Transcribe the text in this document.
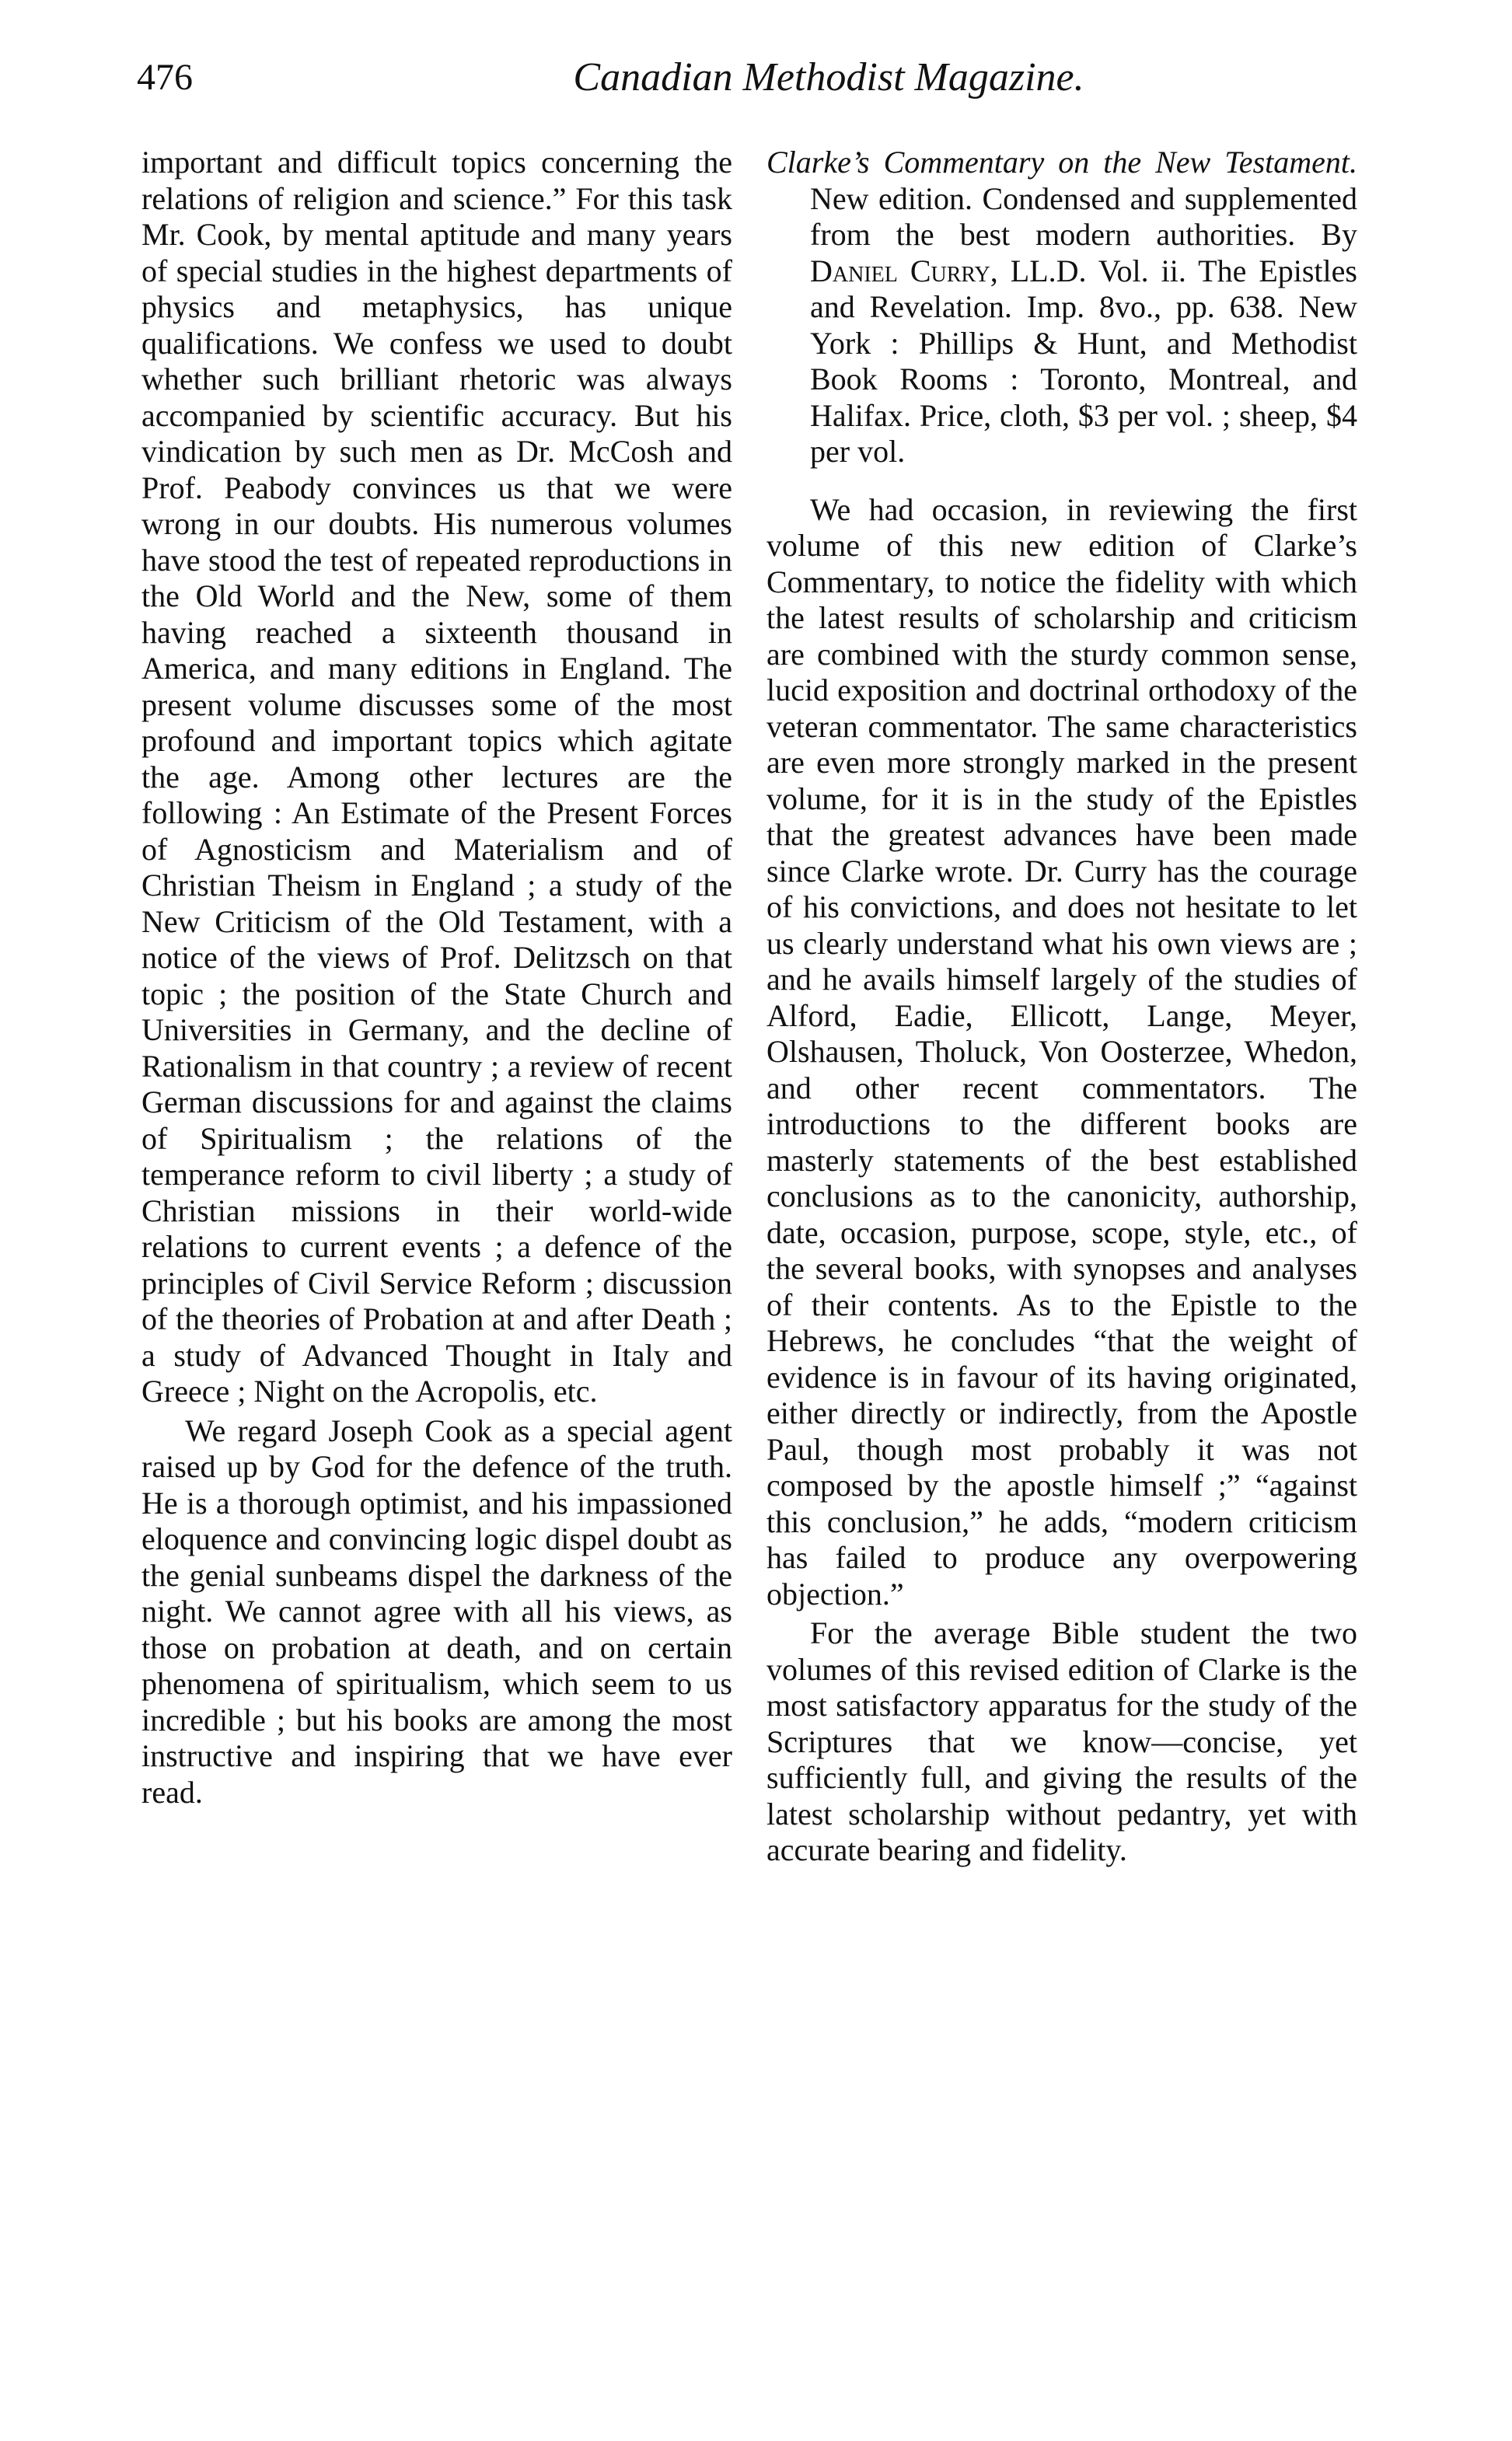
476	Canadian Methodist Magazine.

important and difficult topics concerning the relations of religion and science.” For this task Mr. Cook, by mental aptitude and many years of special studies in the highest departments of physics and metaphysics, has unique qualifications. We confess we used to doubt whether such brilliant rhetoric was always accompanied by scientific accuracy. But his vindication by such men as Dr. McCosh and Prof. Peabody convinces us that we were wrong in our doubts. His numerous volumes have stood the test of repeated reproductions in the Old World and the New, some of them having reached a sixteenth thousand in America, and many editions in England. The present volume discusses some of the most profound and important topics which agitate the age. Among other lectures are the following : An Estimate of the Present Forces of Agnosticism and Materialism and of Christian Theism in England ; a study of the New Criticism of the Old Testament, with a notice of the views of Prof. Delitzsch on that topic ; the position of the State Church and Universities in Germany, and the decline of Rationalism in that country ; a review of recent German discussions for and against the claims of Spiritualism ; the relations of the temperance reform to civil liberty ; a study of Christian missions in their world-wide relations to current events ; a defence of the principles of Civil Service Reform ; discussion of the theories of Probation at and after Death ; a study of Advanced Thought in Italy and Greece ; Night on the Acropolis, etc.

We regard Joseph Cook as a special agent raised up by God for the defence of the truth. He is a thorough optimist, and his impassioned eloquence and convincing logic dispel doubt as the genial sunbeams dispel the darkness of the night. We cannot agree with all his views, as those on probation at death, and on certain phenomena of spiritualism, which seem to us incredible ; but his books are among the most instructive and inspiring that we have ever read.

Clarke’s Commentary on the New Testament. New edition. Condensed and supplemented from the best modern authorities. By Daniel Curry, LL.D. Vol. ii. The Epistles and Revelation. Imp. 8vo., pp. 638. New York : Phillips & Hunt, and Methodist Book Rooms : Toronto, Montreal, and Halifax. Price, cloth, $3 per vol. ; sheep, $4 per vol.

We had occasion, in reviewing the first volume of this new edition of Clarke’s Commentary, to notice the fidelity with which the latest results of scholarship and criticism are combined with the sturdy common sense, lucid exposition and doctrinal orthodoxy of the veteran commentator. The same characteristics are even more strongly marked in the present volume, for it is in the study of the Epistles that the greatest advances have been made since Clarke wrote. Dr. Curry has the courage of his convictions, and does not hesitate to let us clearly understand what his own views are ; and he avails himself largely of the studies of Alford, Eadie, Ellicott, Lange, Meyer, Olshausen, Tholuck, Von Oosterzee, Whedon, and other recent commentators. The introductions to the different books are masterly statements of the best established conclusions as to the canonicity, authorship, date, occasion, purpose, scope, style, etc., of the several books, with synopses and analyses of their contents. As to the Epistle to the Hebrews, he concludes “that the weight of evidence is in favour of its having originated, either directly or indirectly, from the Apostle Paul, though most probably it was not composed by the apostle himself ;” “against this conclusion,” he adds, “modern criticism has failed to produce any overpowering objection.”

For the average Bible student the two volumes of this revised edition of Clarke is the most satisfactory apparatus for the study of the Scriptures that we know—concise, yet sufficiently full, and giving the results of the latest scholarship without pedantry, yet with accurate bearing and fidelity.
